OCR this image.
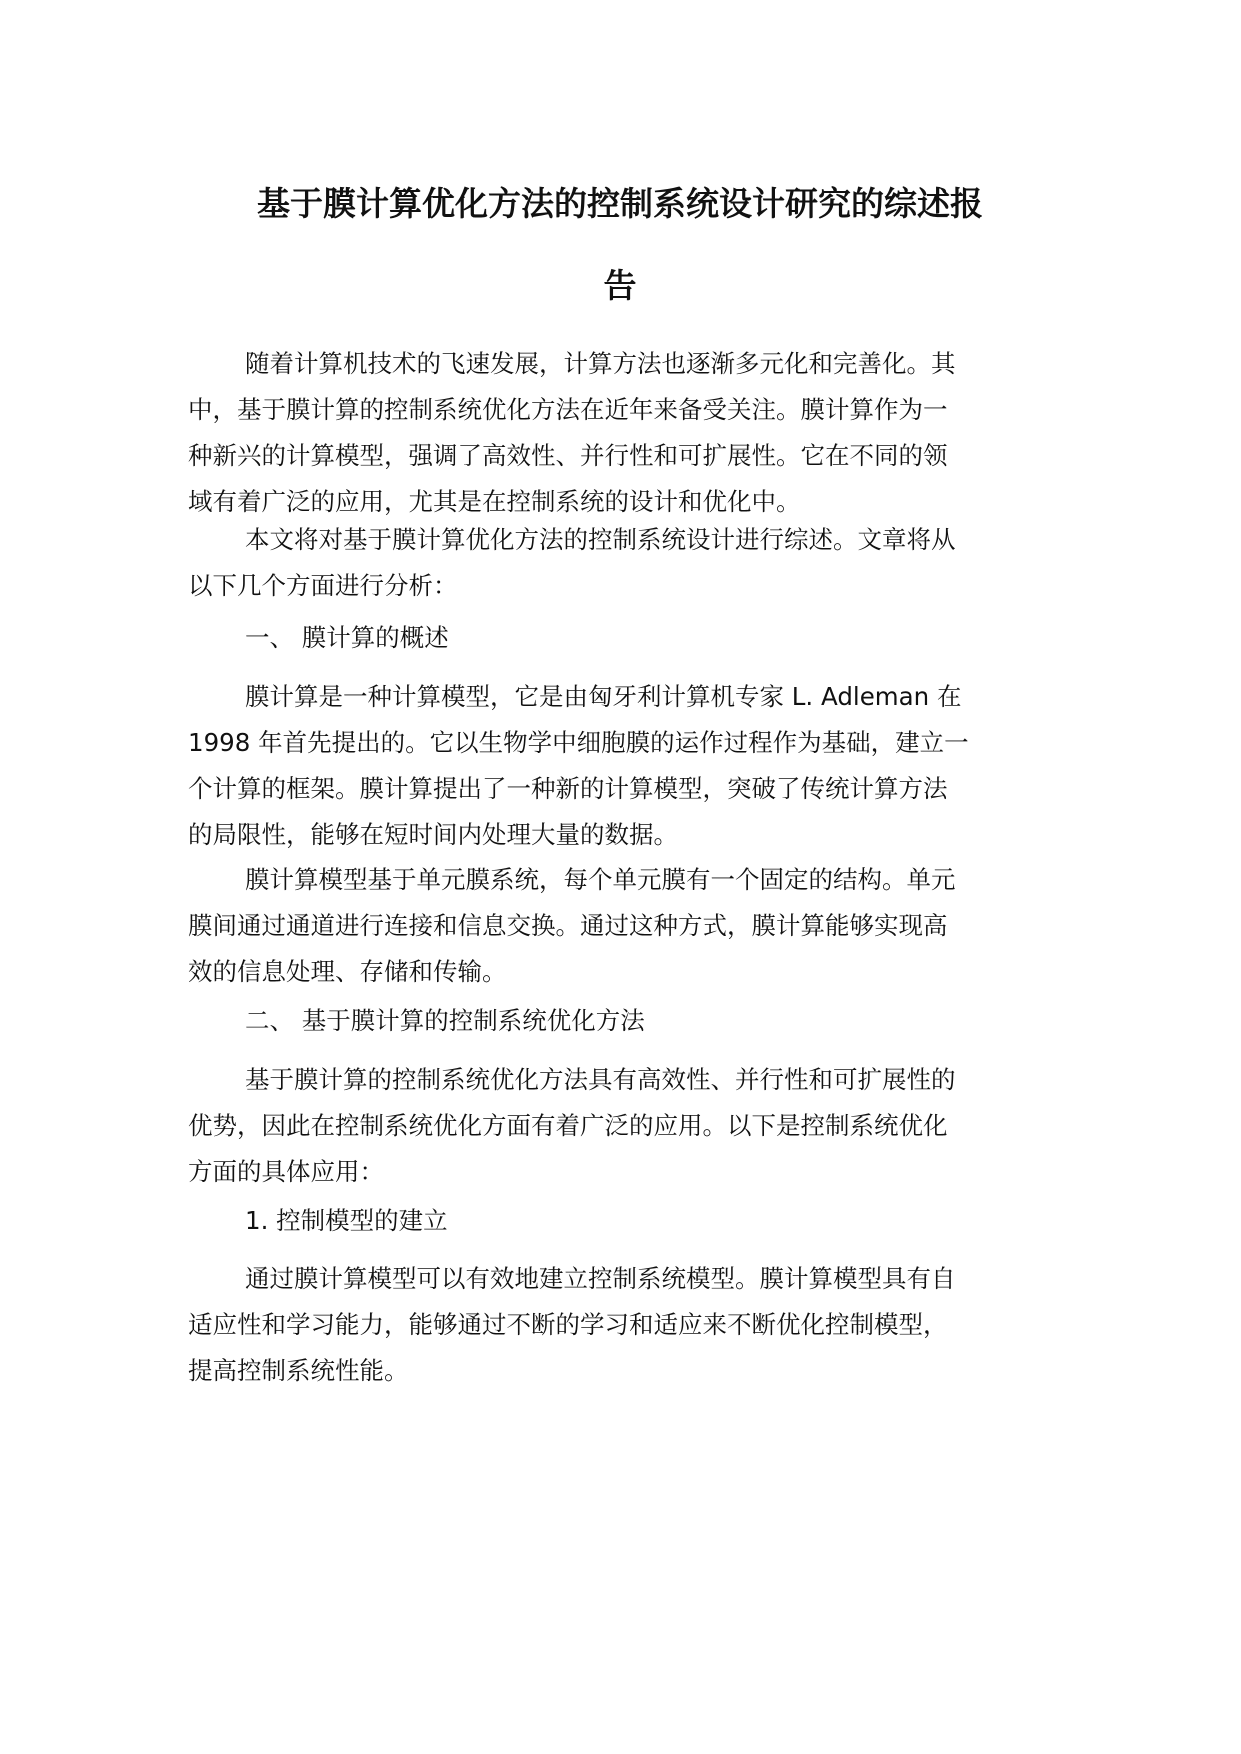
基于膜计算优化方法的控制系统设计研究的综述报
告
随着计算机技术的飞速发展，计算方法也逐渐多元化和完善化。其
中，基于膜计算的控制系统优化方法在近年来备受关注。膜计算作为一
种新兴的计算模型，强调了高效性、并行性和可扩展性。它在不同的领
域有着广泛的应用，尤其是在控制系统的设计和优化中。
本文将对基于膜计算优化方法的控制系统设计进行综述。文章将从
以下几个方面进行分析：

一、 膜计算的概述

膜计算是一种计算模型，它是由匈牙利计算机专家 L. Adleman 在
1998 年首先提出的。它以生物学中细胞膜的运作过程作为基础，建立一
个计算的框架。膜计算提出了一种新的计算模型，突破了传统计算方法
的局限性，能够在短时间内处理大量的数据。
膜计算模型基于单元膜系统，每个单元膜有一个固定的结构。单元
膜间通过通道进行连接和信息交换。通过这种方式，膜计算能够实现高
效的信息处理、存储和传输。

二、 基于膜计算的控制系统优化方法

基于膜计算的控制系统优化方法具有高效性、并行性和可扩展性的
优势，因此在控制系统优化方面有着广泛的应用。以下是控制系统优化
方面的具体应用：

1. 控制模型的建立

通过膜计算模型可以有效地建立控制系统模型。膜计算模型具有自
适应性和学习能力，能够通过不断的学习和适应来不断优化控制模型，
提高控制系统性能。
